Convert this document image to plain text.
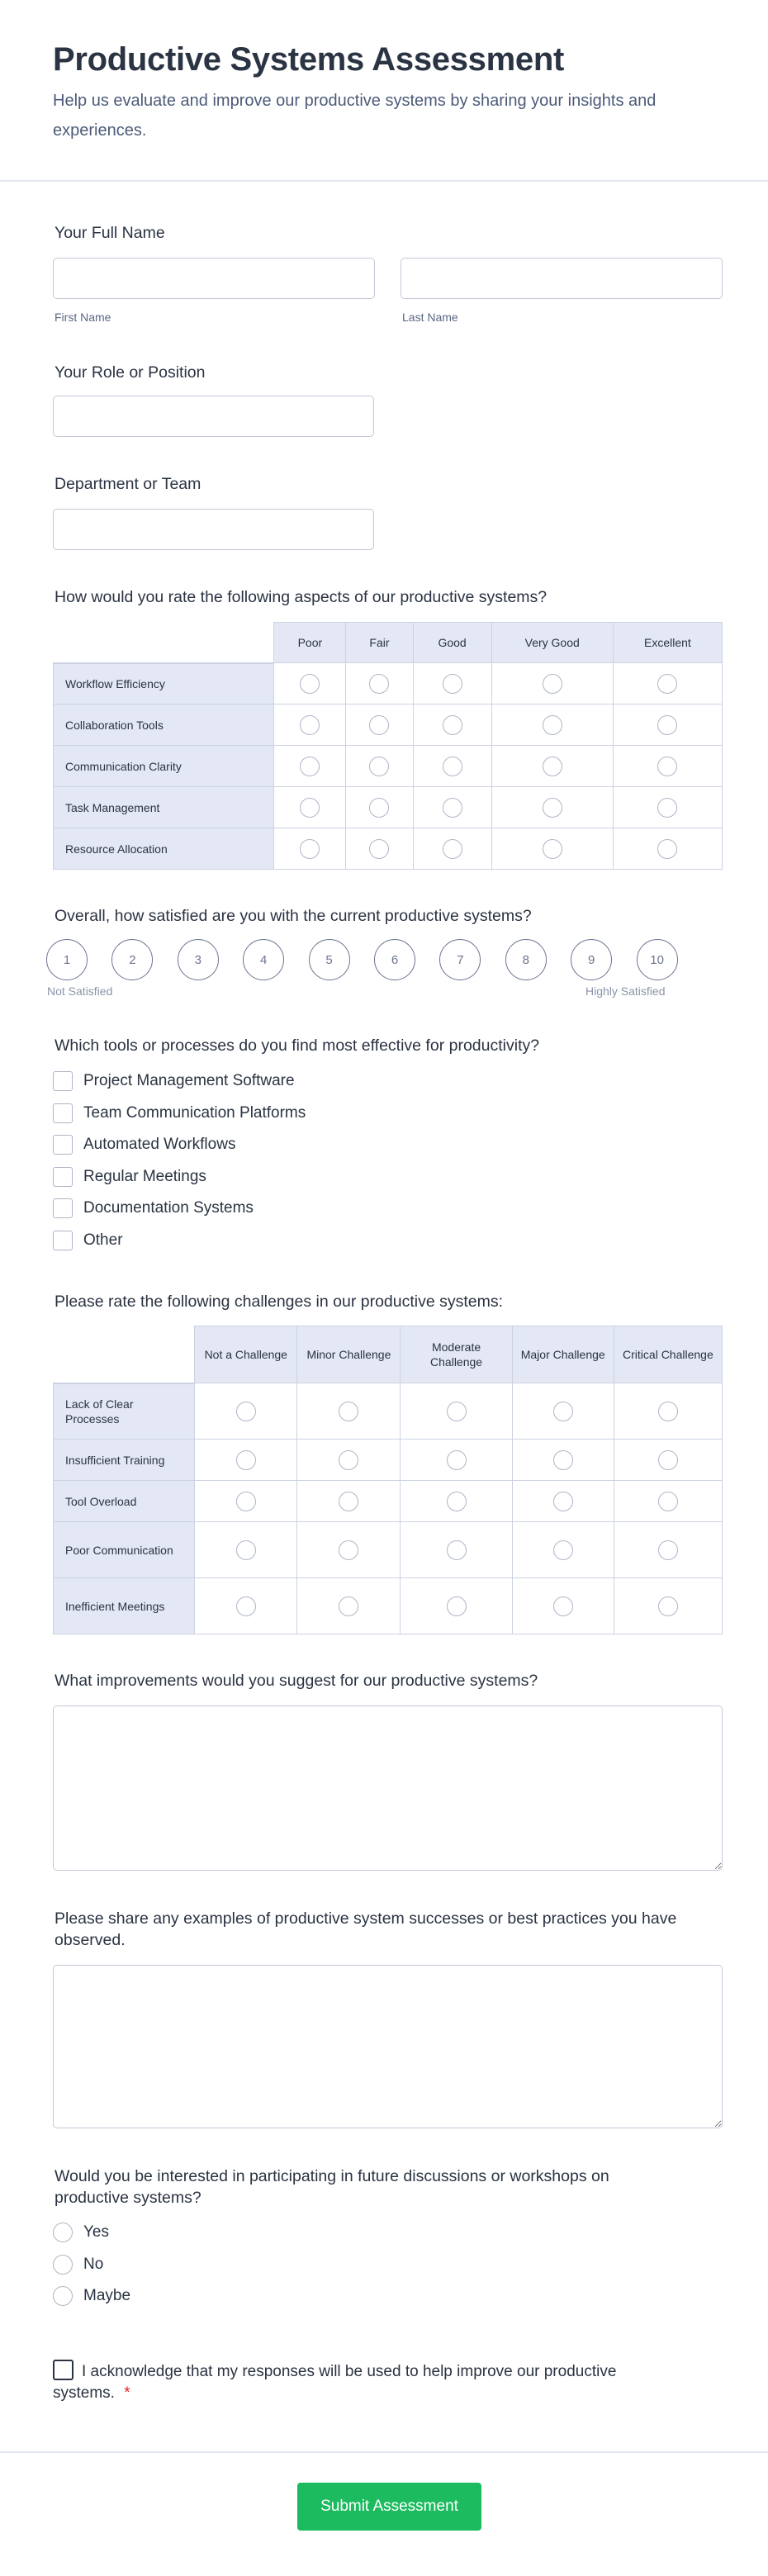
Productive Systems Assessment

Help us evaluate and improve our productive systems by sharing your insights and experiences.

Your Full Name
First Name	Last Name
Your Role or Position
Department or Team
How would you rate the following aspects of our productive systems?
	Poor	Fair	Good	Very Good	Excellent
Workflow Efficiency					
Collaboration Tools					
Communication Clarity					
Task Management					
Resource Allocation					
Overall, how satisfied are you with the current productive systems?
1	2	3	4	5	6	7	8	9	10
Not Satisfied	Highly Satisfied
Which tools or processes do you find most effective for productivity?
Project Management Software
Team Communication Platforms
Automated Workflows
Regular Meetings
Documentation Systems
Other
Please rate the following challenges in our productive systems:
	Not a Challenge	Minor Challenge	Moderate Challenge	Major Challenge	Critical Challenge
Lack of Clear Processes					
Insufficient Training					
Tool Overload					
Poor Communication					
Inefficient Meetings					
What improvements would you suggest for our productive systems?
Please share any examples of productive system successes or best practices you have observed.
Would you be interested in participating in future discussions or workshops on productive systems?
Yes
No
Maybe
I acknowledge that my responses will be used to help improve our productive systems. *
Submit Assessment
